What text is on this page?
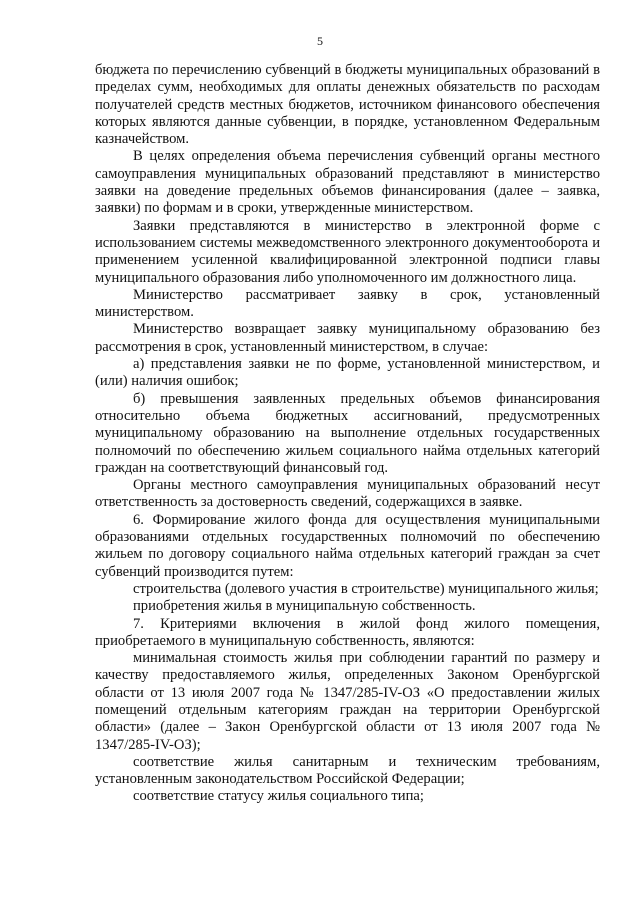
5

бюджета по перечислению субвенций в бюджеты муниципальных образований в пределах сумм, необходимых для оплаты денежных обязательств по расходам получателей средств местных бюджетов, источником финансового обеспечения которых являются данные субвенции, в порядке, установленном Федеральным казначейством.

В целях определения объема перечисления субвенций органы местного самоуправления муниципальных образований представляют в министерство заявки на доведение предельных объемов финансирования (далее – заявка, заявки) по формам и в сроки, утвержденные министерством.

Заявки представляются в министерство в электронной форме с использованием системы межведомственного электронного документооборота и применением усиленной квалифицированной электронной подписи главы муниципального образования либо уполномоченного им должностного лица.

Министерство рассматривает заявку в срок, установленный министерством.

Министерство возвращает заявку муниципальному образованию без рассмотрения в срок, установленный министерством, в случае:

а) представления заявки не по форме, установленной министерством, и (или) наличия ошибок;

б) превышения заявленных предельных объемов финансирования относительно объема бюджетных ассигнований, предусмотренных муниципальному образованию на выполнение отдельных государственных полномочий по обеспечению жильем социального найма отдельных категорий граждан на соответствующий финансовый год.

Органы местного самоуправления муниципальных образований несут ответственность за достоверность сведений, содержащихся в заявке.

6. Формирование жилого фонда для осуществления муниципальными образованиями отдельных государственных полномочий по обеспечению жильем по договору социального найма отдельных категорий граждан за счет субвенций производится путем:

строительства (долевого участия в строительстве) муниципального жилья;

приобретения жилья в муниципальную собственность.

7. Критериями включения в жилой фонд жилого помещения, приобретаемого в муниципальную собственность, являются:

минимальная стоимость жилья при соблюдении гарантий по размеру и качеству предоставляемого жилья, определенных Законом Оренбургской области от 13 июля 2007 года № 1347/285-IV-ОЗ «О предоставлении жилых помещений отдельным категориям граждан на территории Оренбургской области» (далее – Закон Оренбургской области от 13 июля 2007 года № 1347/285-IV-ОЗ);

соответствие жилья санитарным и техническим требованиям, установленным законодательством Российской Федерации;

соответствие статусу жилья социального типа;
